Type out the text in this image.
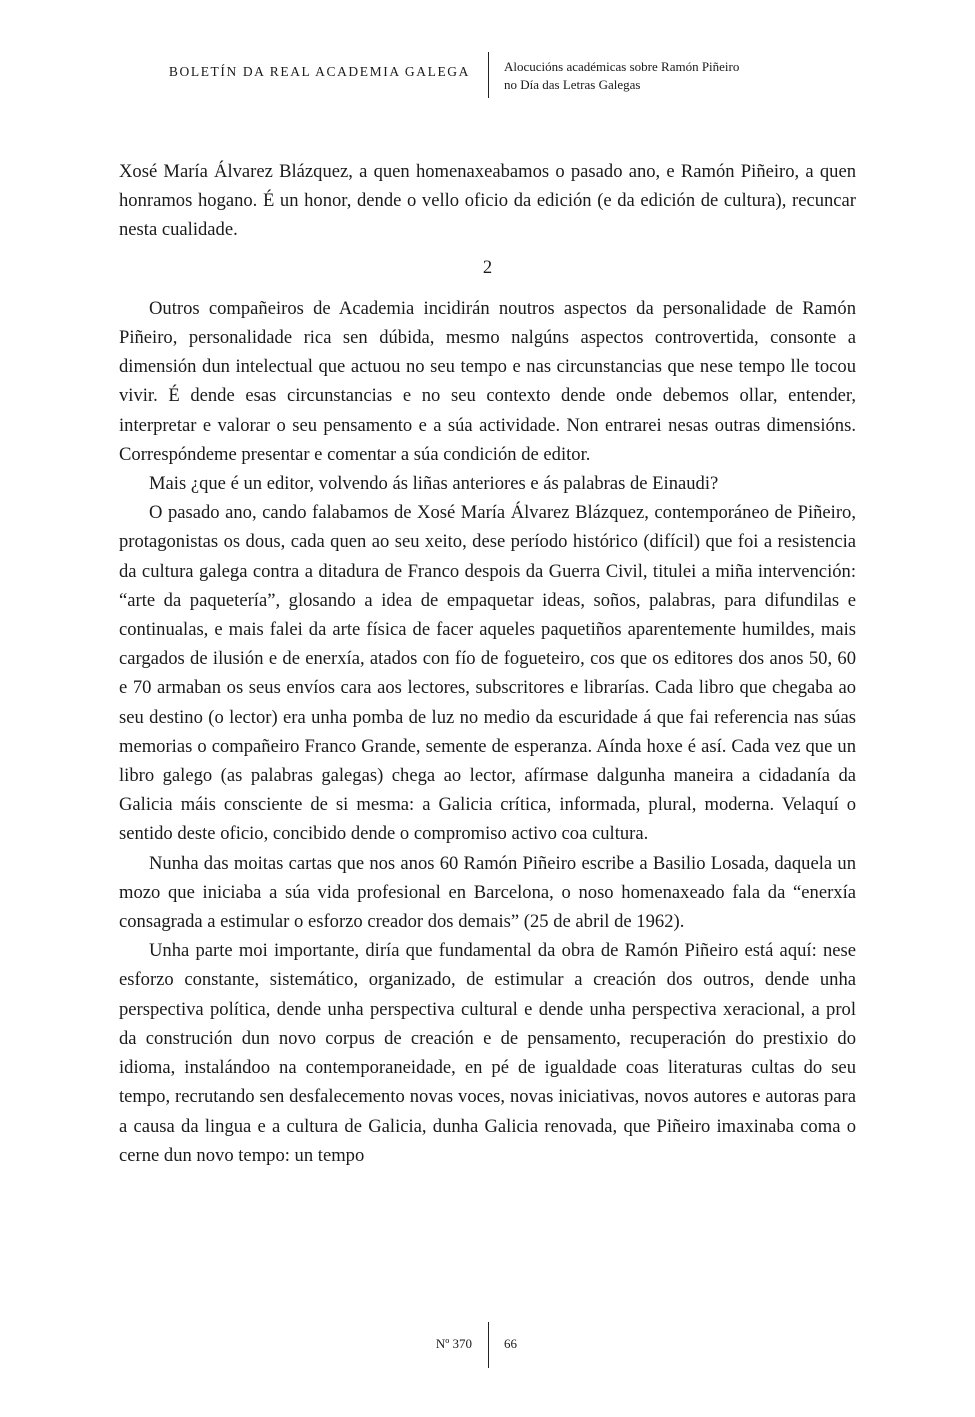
BOLETÍN DA REAL ACADEMIA GALEGA	Alocucións académicas sobre Ramón Piñeiro
no Día das Letras Galegas

Xosé María Álvarez Blázquez, a quen homenaxeabamos o pasado ano, e Ramón Piñeiro, a quen honramos hogano. É un honor, dende o vello oficio da edición (e da edición de cultura), recuncar nesta cualidade.

2

Outros compañeiros de Academia incidirán noutros aspectos da personalidade de Ramón Piñeiro, personalidade rica sen dúbida, mesmo nalgúns aspectos controvertida, consonte a dimensión dun intelectual que actuou no seu tempo e nas circunstancias que nese tempo lle tocou vivir. É dende esas circunstancias e no seu contexto dende onde debemos ollar, entender, interpretar e valorar o seu pensamento e a súa actividade. Non entrarei nesas outras dimensións. Correspóndeme presentar e comentar a súa condición de editor.

Mais ¿que é un editor, volvendo ás liñas anteriores e ás palabras de Einaudi?

O pasado ano, cando falabamos de Xosé María Álvarez Blázquez, contemporáneo de Piñeiro, protagonistas os dous, cada quen ao seu xeito, dese período histórico (difícil) que foi a resistencia da cultura galega contra a ditadura de Franco despois da Guerra Civil, titulei a miña intervención: “arte da paquetería”, glosando a idea de empaquetar ideas, soños, palabras, para difundilas e continualas, e mais falei da arte física de facer aqueles paquetiños aparentemente humildes, mais cargados de ilusión e de enerxía, atados con fío de fogueteiro, cos que os editores dos anos 50, 60 e 70 armaban os seus envíos cara aos lectores, subscritores e librarías. Cada libro que chegaba ao seu destino (o lector) era unha pomba de luz no medio da escuridade á que fai referencia nas súas memorias o compañeiro Franco Grande, semente de esperanza. Aínda hoxe é así. Cada vez que un libro galego (as palabras galegas) chega ao lector, afírmase dalgunha maneira a cidadanía da Galicia máis consciente de si mesma: a Galicia crítica, informada, plural, moderna. Velaquí o sentido deste oficio, concibido dende o compromiso activo coa cultura.

Nunha das moitas cartas que nos anos 60 Ramón Piñeiro escribe a Basilio Losada, daquela un mozo que iniciaba a súa vida profesional en Barcelona, o noso homenaxeado fala da “enerxía consagrada a estimular o esforzo creador dos demais” (25 de abril de 1962).

Unha parte moi importante, diría que fundamental da obra de Ramón Piñeiro está aquí: nese esforzo constante, sistemático, organizado, de estimular a creación dos outros, dende unha perspectiva política, dende unha perspectiva cultural e dende unha perspectiva xeracional, a prol da construción dun novo corpus de creación e de pensamento, recuperación do prestixio do idioma, instalándoo na contemporaneidade, en pé de igualdade coas literaturas cultas do seu tempo, recrutando sen desfalecemento novas voces, novas iniciativas, novos autores e autoras para a causa da lingua e a cultura de Galicia, dunha Galicia renovada, que Piñeiro imaxinaba coma o cerne dun novo tempo: un tempo

Nº 370 66
